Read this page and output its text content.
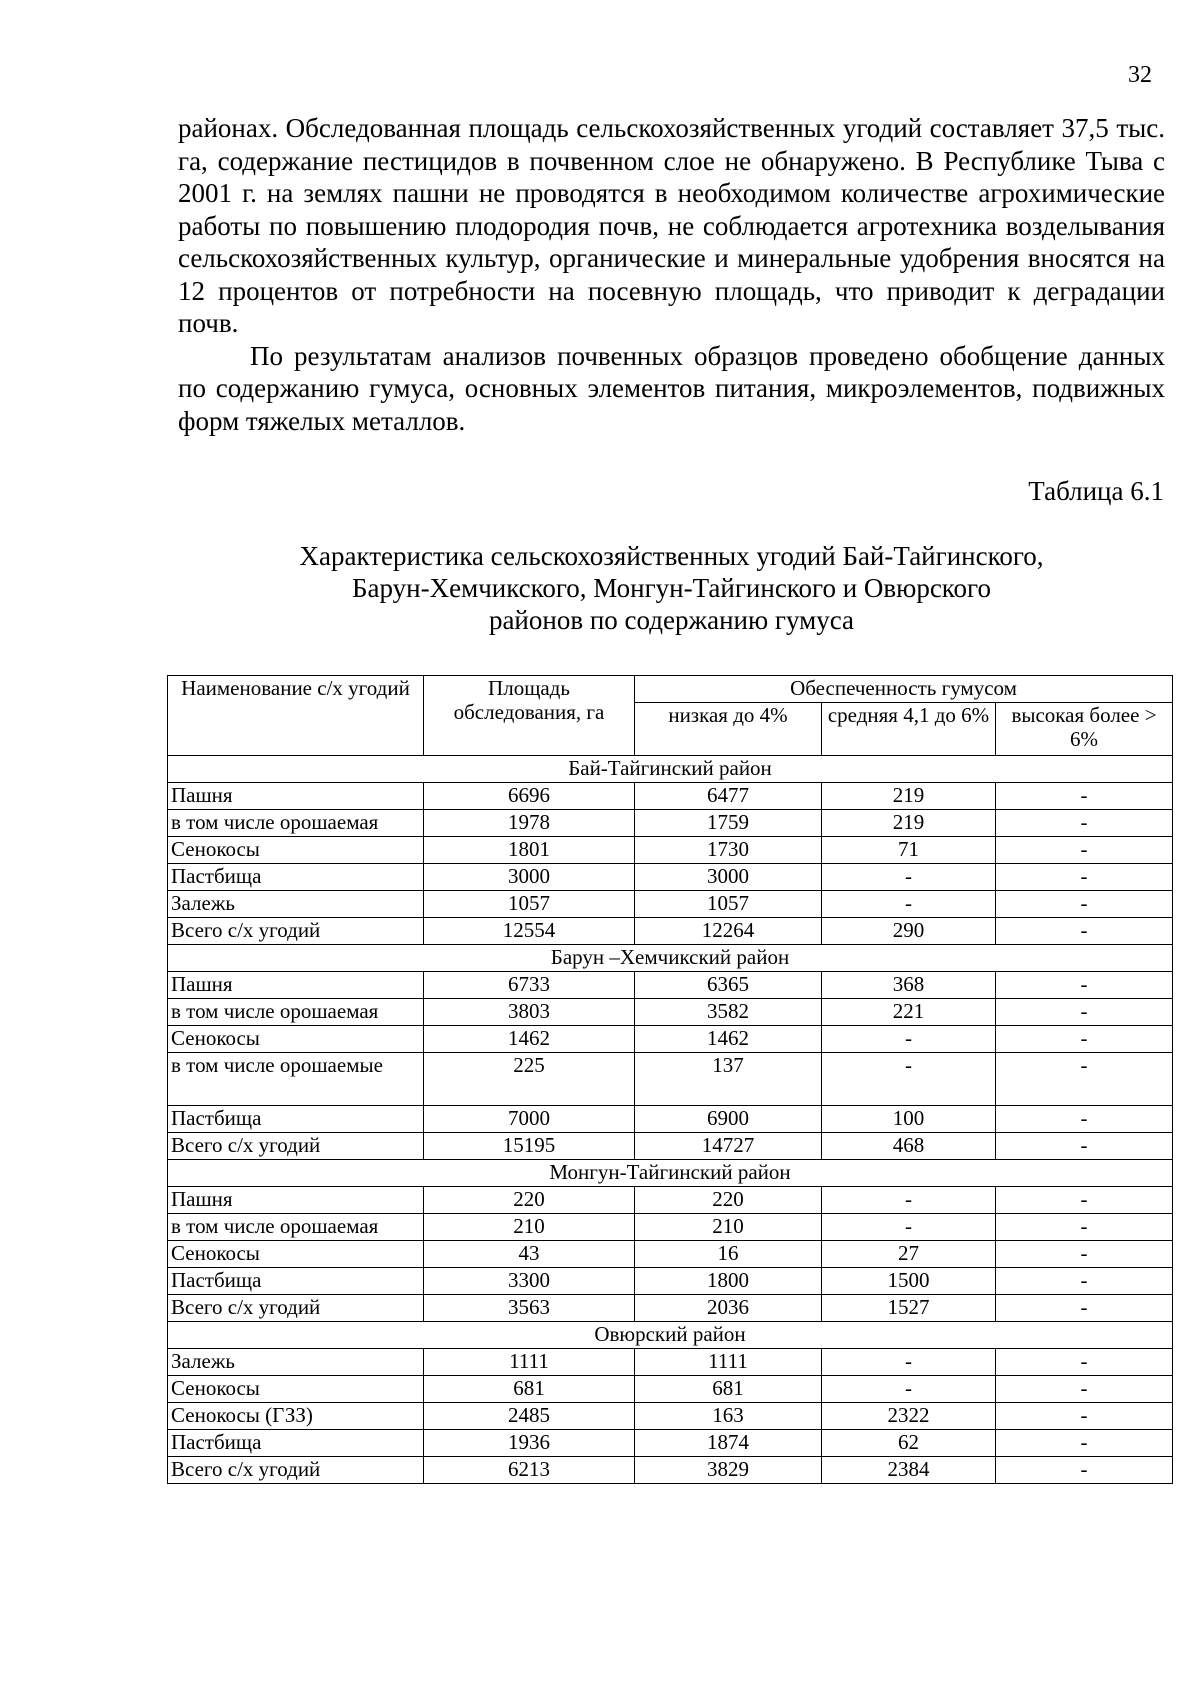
32

районах. Обследованная площадь сельскохозяйственных угодий составляет 37,5 тыс. га, содержание пестицидов в почвенном слое не обнаружено. В Республике Тыва с 2001 г. на землях пашни не проводятся в необходимом количестве агрохимические работы по повышению плодородия почв, не соблюдается агротехника возделывания сельскохозяйственных культур, органические и минеральные удобрения вносятся на 12 процентов от потребности на посевную площадь, что приводит к деградации почв.

По результатам анализов почвенных образцов проведено обобщение данных по содержанию гумуса, основных элементов питания, микроэлементов, подвижных форм тяжелых металлов.

Таблица 6.1
Характеристика сельскохозяйственных угодий Бай-Тайгинского,
Барун-Хемчикского, Монгун-Тайгинского и Овюрского
районов по содержанию гумуса
Наименование с/х угодий	Площадь обследования, га	Обеспеченность гумусом		
		низкая до 4%	средняя 4,1 до 6%	высокая более > 6%
Бай-Тайгинский район				
Пашня	6696	6477	219	-
в том числе орошаемая	1978	1759	219	-
Сенокосы	1801	1730	71	-
Пастбища	3000	3000	-	-
Залежь	1057	1057	-	-
Всего с/х угодий	12554	12264	290	-
Барун –Хемчикский район				
Пашня	6733	6365	368	-
в том числе орошаемая	3803	3582	221	-
Сенокосы	1462	1462	-	-
в том числе орошаемые	225	137	-	-
Пастбища	7000	6900	100	-
Всего с/х угодий	15195	14727	468	-
Монгун-Тайгинский район				
Пашня	220	220	-	-
в том числе орошаемая	210	210	-	-
Сенокосы	43	16	27	-
Пастбища	3300	1800	1500	-
Всего с/х угодий	3563	2036	1527	-
Овюрский район				
Залежь	1111	1111	-	-
Сенокосы	681	681	-	-
Сенокосы (ГЗЗ)	2485	163	2322	-
Пастбища	1936	1874	62	-
Всего с/х угодий	6213	3829	2384	-
